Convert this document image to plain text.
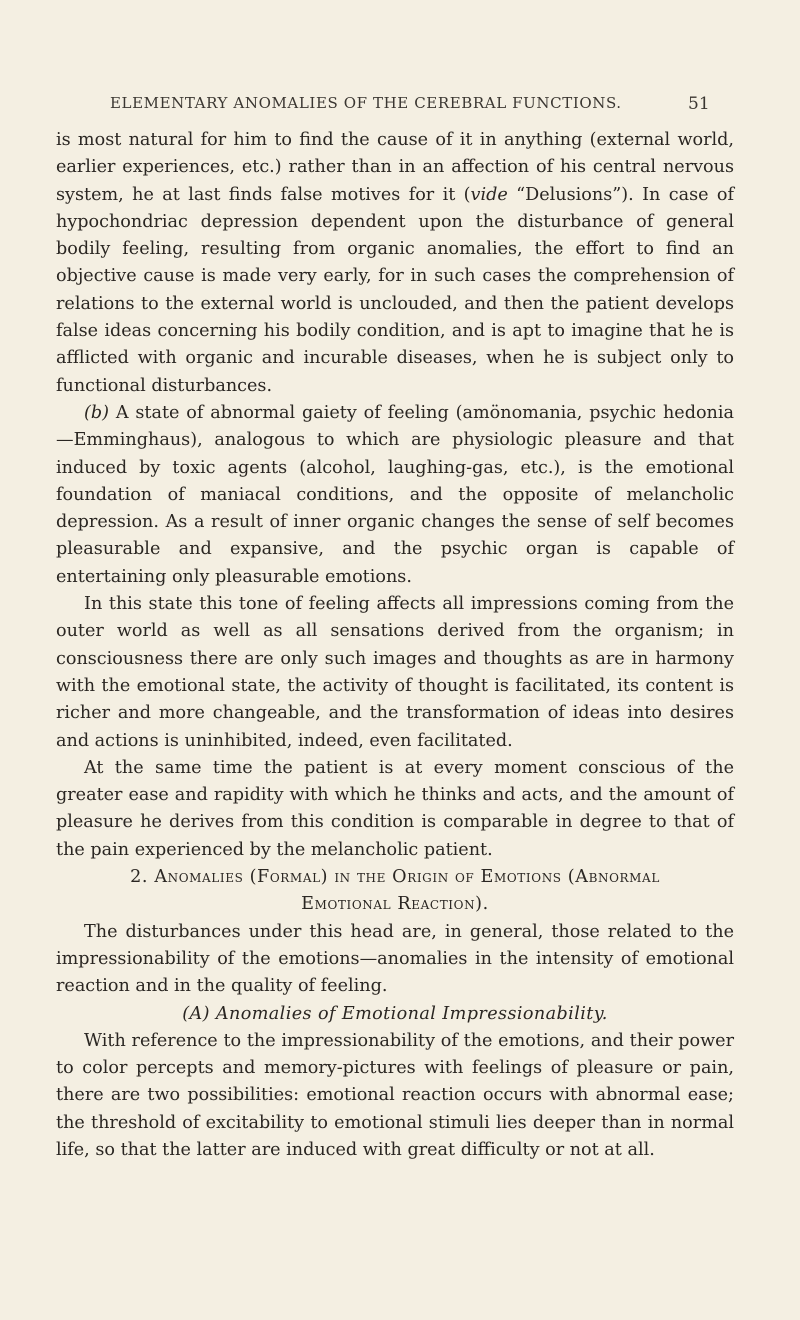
ELEMENTARY ANOMALIES OF THE CEREBRAL FUNCTIONS.	51

is most natural for him to find the cause of it in anything (external world, earlier experiences, etc.) rather than in an affection of his central nervous system, he at last finds false motives for it (vide “Delusions”). In case of hypochondriac depression dependent upon the disturbance of general bodily feeling, resulting from organic anomalies, the effort to find an objective cause is made very early, for in such cases the comprehension of relations to the external world is unclouded, and then the patient develops false ideas concerning his bodily condition, and is apt to imagine that he is afflicted with organic and incurable diseases, when he is subject only to functional disturbances.

(b) A state of abnormal gaiety of feeling (amönomania, psychic hedonia—Emminghaus), analogous to which are physiologic pleasure and that induced by toxic agents (alcohol, laughing-gas, etc.), is the emotional foundation of maniacal conditions, and the opposite of melancholic depression. As a result of inner organic changes the sense of self becomes pleasurable and expansive, and the psychic organ is capable of entertaining only pleasurable emotions.

In this state this tone of feeling affects all impressions coming from the outer world as well as all sensations derived from the organism; in consciousness there are only such images and thoughts as are in harmony with the emotional state, the activity of thought is facilitated, its content is richer and more changeable, and the transformation of ideas into desires and actions is uninhibited, indeed, even facilitated.

At the same time the patient is at every moment conscious of the greater ease and rapidity with which he thinks and acts, and the amount of pleasure he derives from this condition is comparable in degree to that of the pain experienced by the melancholic patient.

2. Anomalies (Formal) in the Origin of Emotions (Abnormal
Emotional Reaction).

The disturbances under this head are, in general, those related to the impressionability of the emotions—anomalies in the intensity of emotional reaction and in the quality of feeling.

(A) Anomalies of Emotional Impressionability.

With reference to the impressionability of the emotions, and their power to color percepts and memory-pictures with feelings of pleasure or pain, there are two possibilities: emotional reaction occurs with abnormal ease; the threshold of excitability to emotional stimuli lies deeper than in normal life, so that the latter are induced with great difficulty or not at all.
